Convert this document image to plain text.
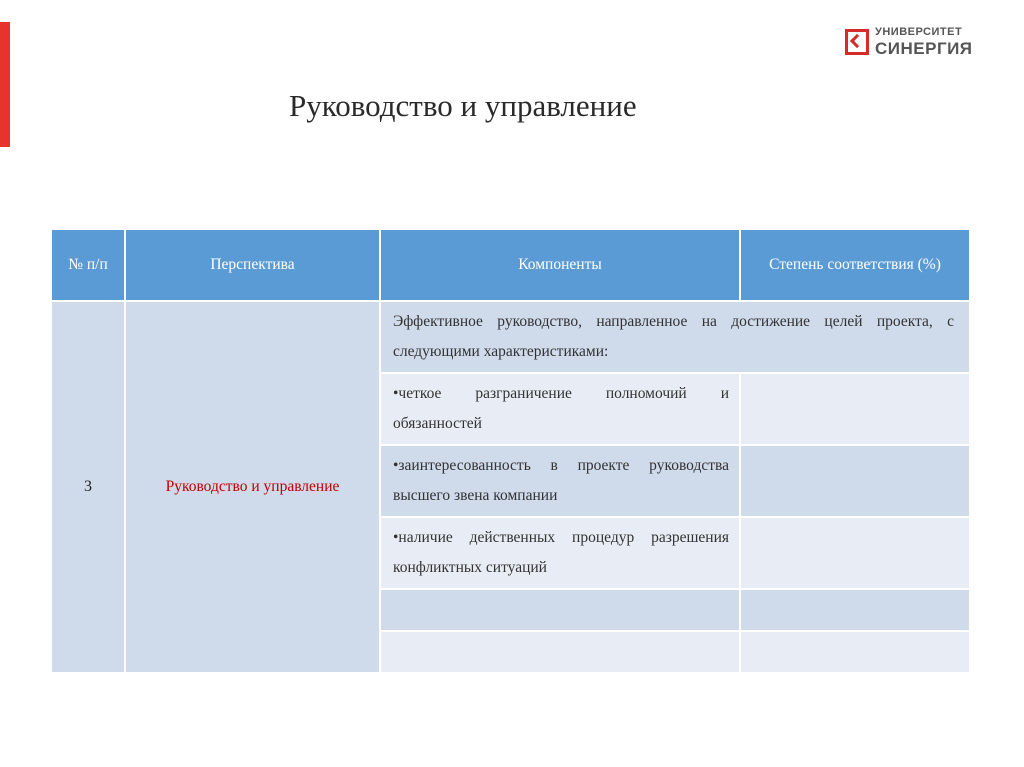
УНИВЕРСИТЕТ
СИНЕРГИЯ
Руководство и управление
№ п/п	Перспектива	Компоненты	Степень соответствия (%)
3	Руководство и управление	Эффективное руководство, направленное на достижение целей проекта, с следующими характеристиками:	

		•четкое разграничение полномочий и обязанностей	

		•заинтересованность в проекте руководства высшего звена компании	

		•наличие действенных процедур разрешения конфликтных ситуаций	
